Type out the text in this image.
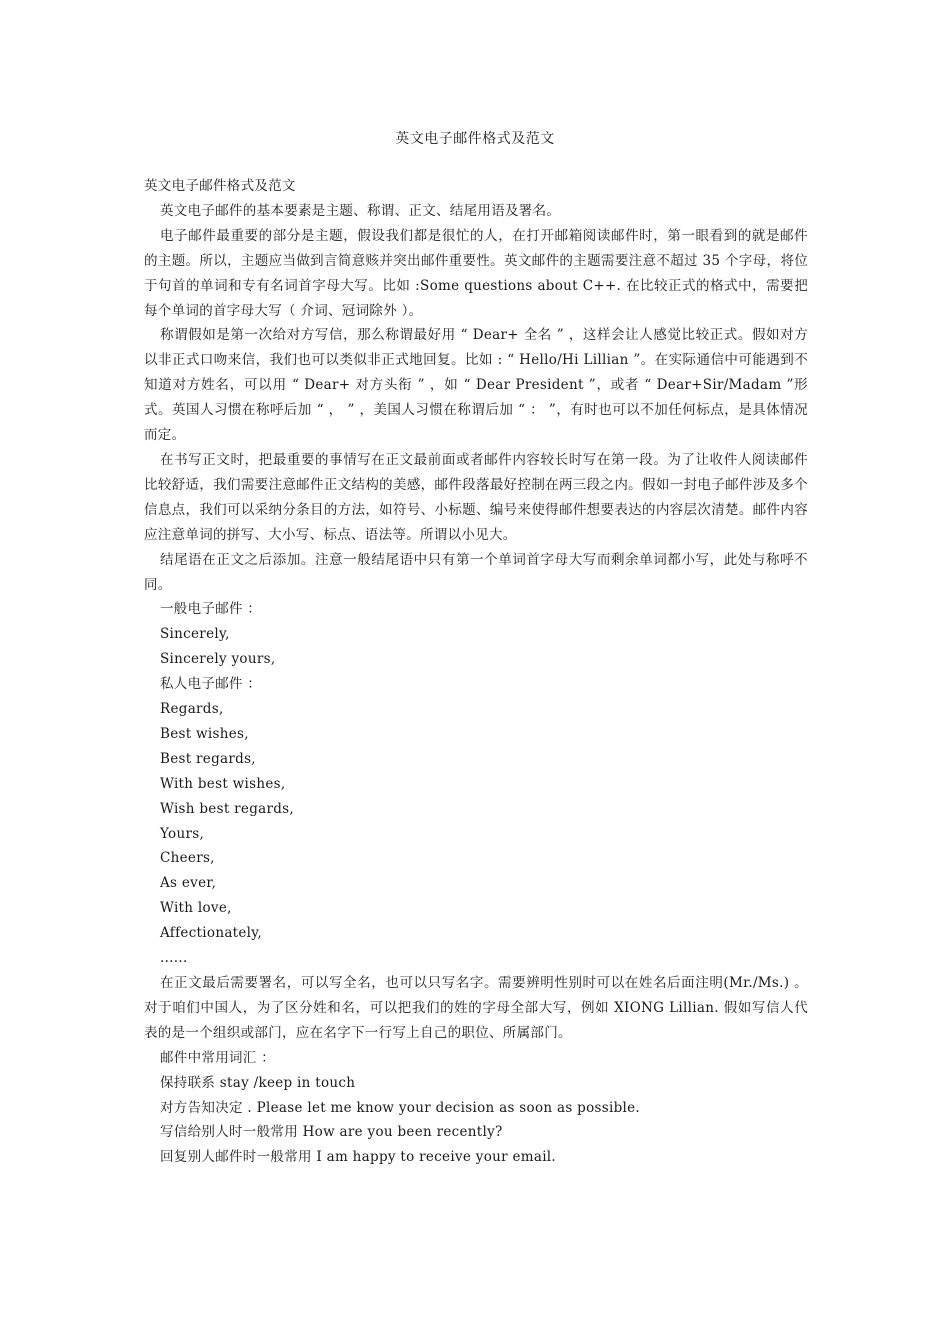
英文电子邮件格式及范文

英文电子邮件格式及范文

英文电子邮件的基本要素是主题、称谓、正文、结尾用语及署名。

电子邮件最重要的部分是主题，假设我们都是很忙的人，在打开邮箱阅读邮件时，第一眼看到的就是邮件的主题。所以，主题应当做到言简意赅并突出邮件重要性。英文邮件的主题需要注意不超过 35 个字母，将位于句首的单词和专有名词首字母大写。比如 :Some questions about C++. 在比较正式的格式中，需要把每个单词的首字母大写（ 介词、冠词除外 ）。

称谓假如是第一次给对方写信，那么称谓最好用 “ Dear+ 全名 ” ，这样会让人感觉比较正式。假如对方以非正式口吻来信，我们也可以类似非正式地回复。比如 : “ Hello/Hi Lillian ”。在实际通信中可能遇到不知道对方姓名，可以用 “ Dear+ 对方头衔 ” ，如 “ Dear President ”，或者 “ Dear+Sir/Madam ”形式。英国人习惯在称呼后加 “ ， ” ，美国人习惯在称谓后加 “ ： ”，有时也可以不加任何标点，是具体情况而定。

在书写正文时，把最重要的事情写在正文最前面或者邮件内容较长时写在第一段。为了让收件人阅读邮件比较舒适，我们需要注意邮件正文结构的美感，邮件段落最好控制在两三段之内。假如一封电子邮件涉及多个信息点，我们可以采纳分条目的方法，如符号、小标题、编号来使得邮件想要表达的内容层次清楚。邮件内容应注意单词的拼写、大小写、标点、语法等。所谓以小见大。

结尾语在正文之后添加。注意一般结尾语中只有第一个单词首字母大写而剩余单词都小写，此处与称呼不同。

一般电子邮件 ：

Sincerely,

Sincerely yours,

私人电子邮件 ：

Regards,

Best wishes,

Best regards,

With best wishes,

Wish best regards,

Yours,

Cheers,

As ever,

With love,

Affectionately,

......

在正文最后需要署名，可以写全名，也可以只写名字。需要辨明性别时可以在姓名后面注明(Mr./Ms.) 。对于咱们中国人，为了区分姓和名，可以把我们的姓的字母全部大写，例如 XIONG Lillian. 假如写信人代表的是一个组织或部门，应在名字下一行写上自己的职位、所属部门。

邮件中常用词汇 ：

保持联系 stay /keep in touch

对方告知决定 . Please let me know your decision as soon as possible.

写信给别人时一般常用 How are you been recently?

回复别人邮件时一般常用 I am happy to receive your email.
